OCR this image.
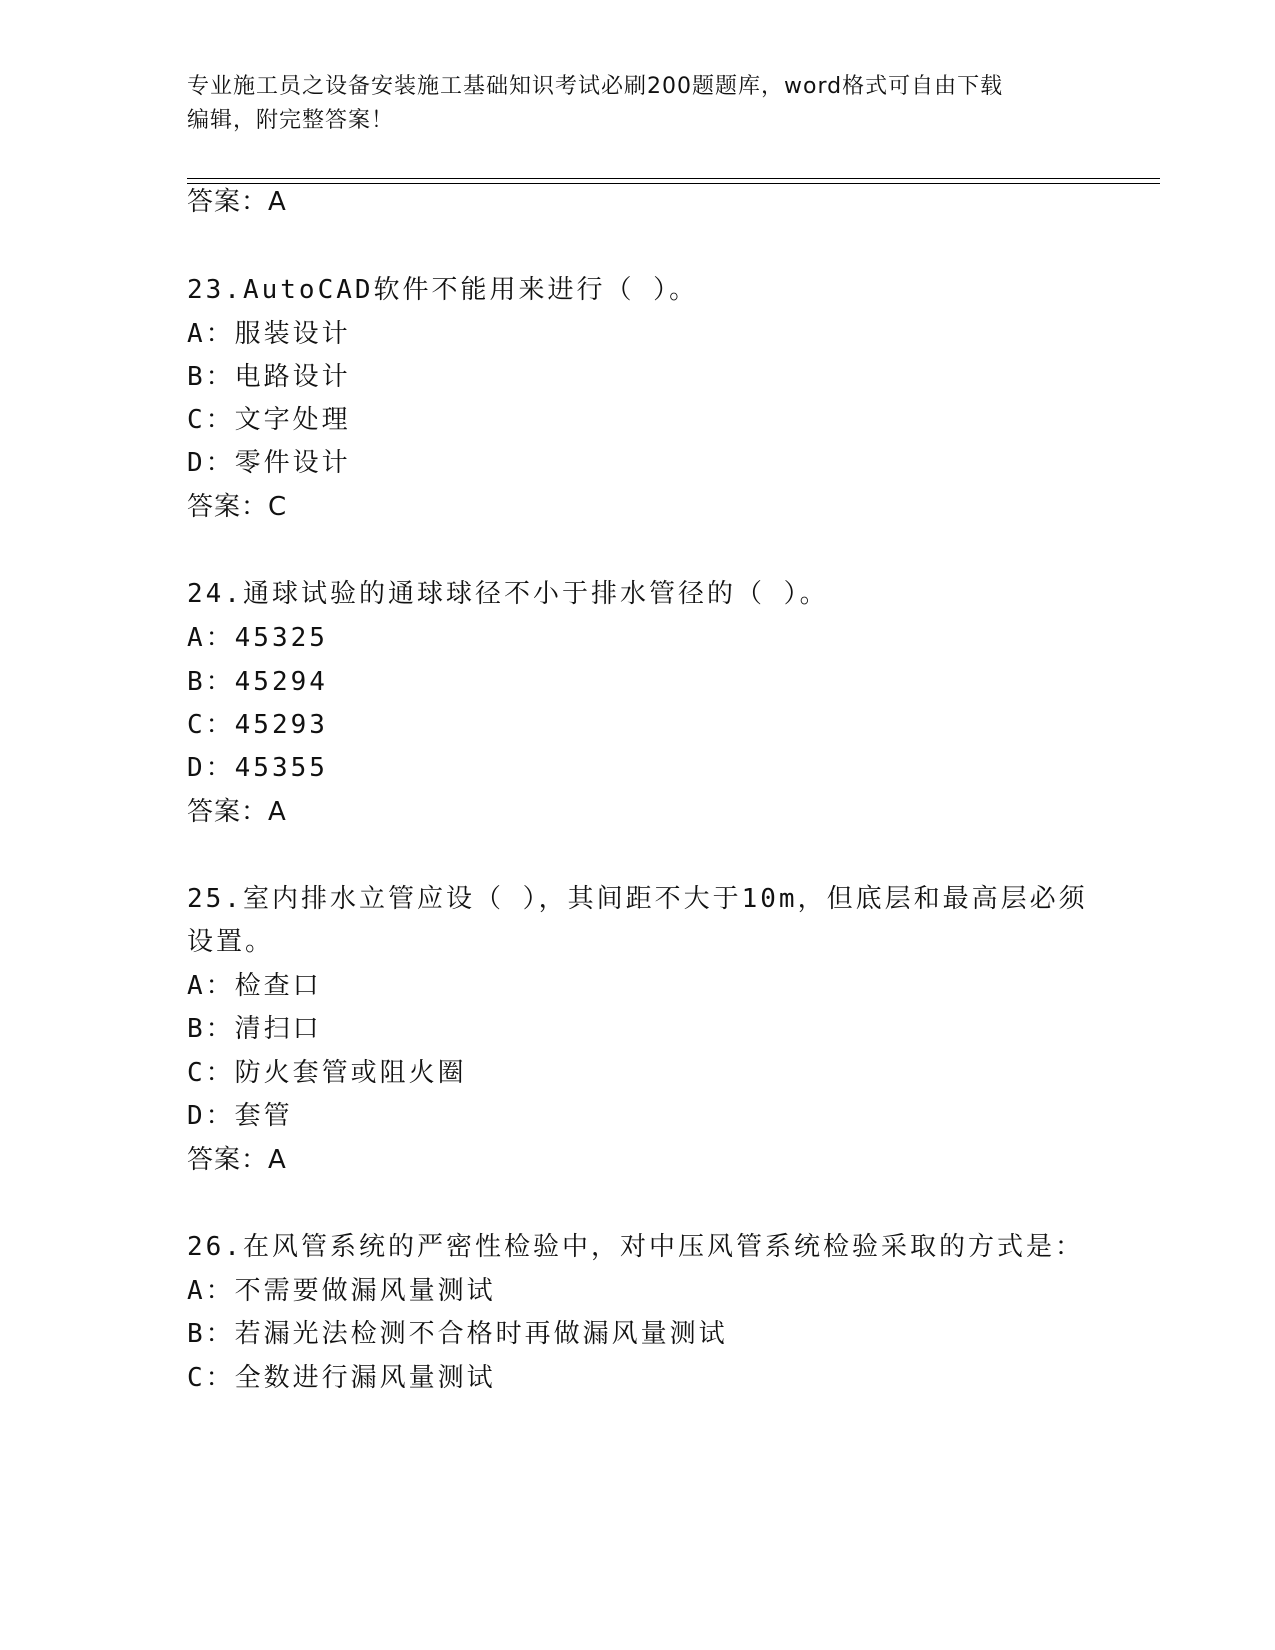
专业施工员之设备安装施工基础知识考试必刷200题题库，word格式可自由下载
编辑，附完整答案！
答案：A
23.AutoCAD软件不能用来进行（ ）。
A：服装设计
B：电路设计
C：文字处理
D：零件设计
答案：C
24.通球试验的通球球径不小于排水管径的（ ）。
A：45325
B：45294
C：45293
D：45355
答案：A
25.室内排水立管应设（ ），其间距不大于10m，但底层和最高层必须
设置。
A：检查口
B：清扫口
C：防火套管或阻火圈
D：套管
答案：A
26.在风管系统的严密性检验中，对中压风管系统检验采取的方式是：
A：不需要做漏风量测试
B：若漏光法检测不合格时再做漏风量测试
C：全数进行漏风量测试
